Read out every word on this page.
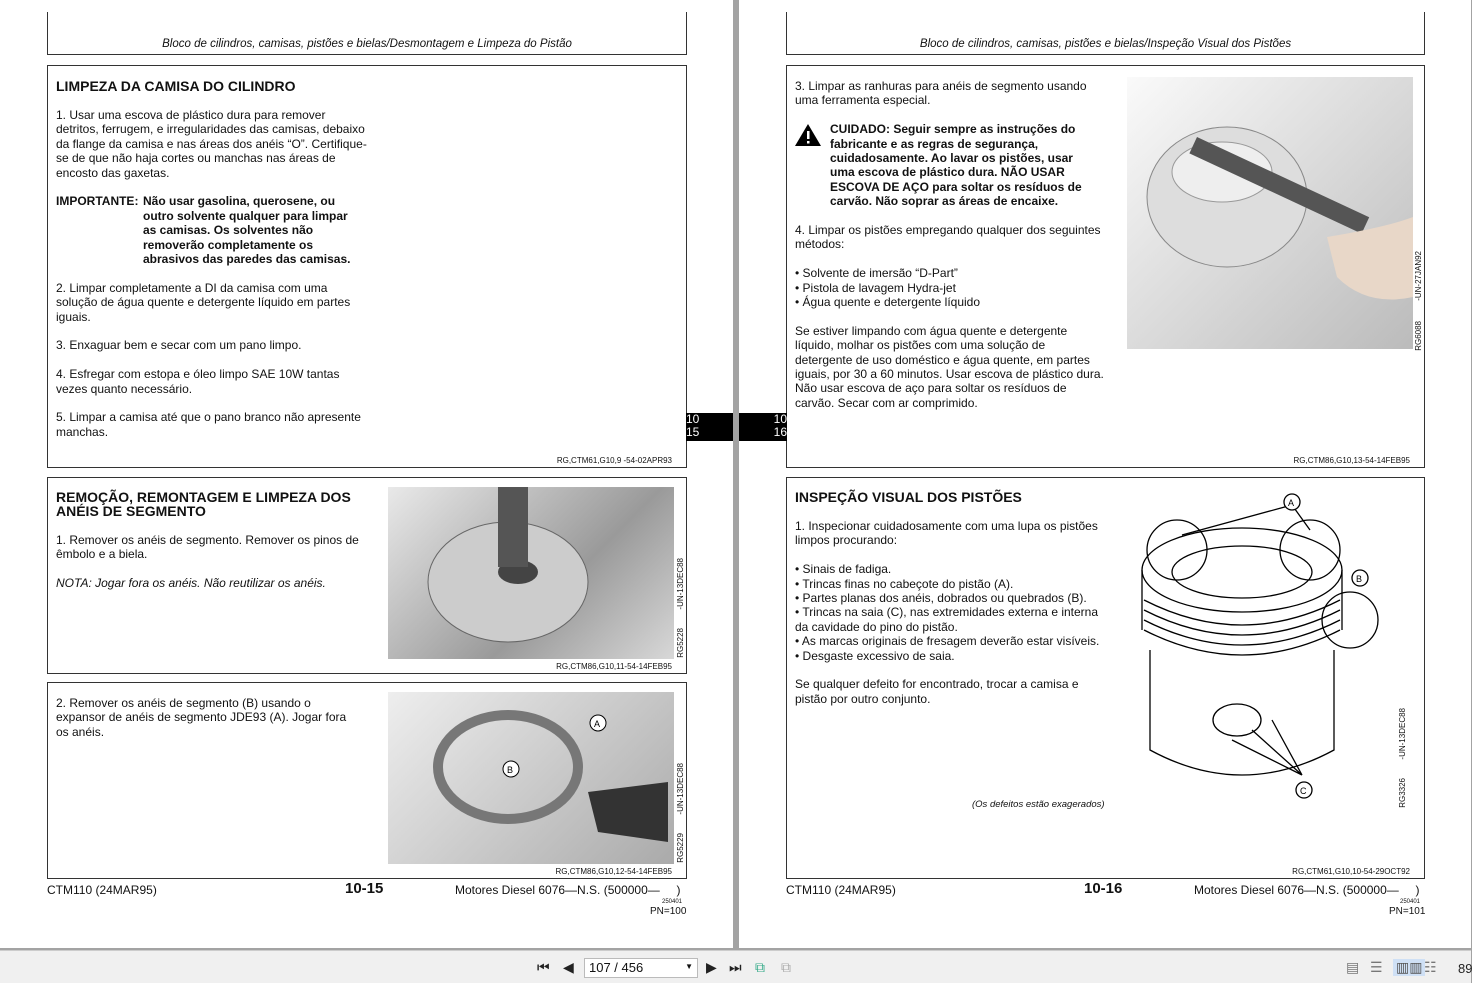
Bloco de cilindros, camisas, pistões e bielas/Desmontagem e Limpeza do Pistão
LIMPEZA DA CAMISA DO CILINDRO

1. Usar uma escova de plástico dura para remover detritos, ferrugem, e irregularidades das camisas, debaixo da flange da camisa e nas áreas dos anéis “O”. Certifique-se de que não haja cortes ou manchas nas áreas de encosto das gaxetas.

IMPORTANTE: Não usar gasolina, querosene, ou outro solvente qualquer para limpar as camisas. Os solventes não removerão completamente os abrasivos das paredes das camisas.

2. Limpar completamente a DI da camisa com uma solução de água quente e detergente líquido em partes iguais.

3. Enxaguar bem e secar com um pano limpo.

4. Esfregar com estopa e óleo limpo SAE 10W tantas vezes quanto necessário.

5. Limpar a camisa até que o pano branco não apresente manchas.

RG,CTM61,G10,9 -54-02APR93
REMOÇÃO, REMONTAGEM E LIMPEZA DOS ANÉIS DE SEGMENTO

1. Remover os anéis de segmento. Remover os pinos de êmbolo e a biela.

NOTA: Jogar fora os anéis. Não reutilizar os anéis.

RG5228
-UN-13DEC88
RG,CTM86,G10,11-54-14FEB95
2. Remover os anéis de segmento (B) usando o expansor de anéis de segmento JDE93 (A). Jogar fora os anéis.
B
A
RG5229
-UN-13DEC88
RG,CTM86,G10,12-54-14FEB95
10
15
CTM110 (24MAR95)	10-15	Motores Diesel 6076—N.S. (500000—     )
250401
PN=100
Bloco de cilindros, camisas, pistões e bielas/Inspeção Visual dos Pistões

3. Limpar as ranhuras para anéis de segmento usando uma ferramenta especial.

CUIDADO: Seguir sempre as instruções do fabricante e as regras de segurança, cuidadosamente. Ao lavar os pistões, usar uma escova de plástico dura. NÃO USAR ESCOVA DE AÇO para soltar os resíduos de carvão. Não soprar as áreas de encaixe.

4. Limpar os pistões empregando qualquer dos seguintes métodos:

• Solvente de imersão “D-Part”
• Pistola de lavagem Hydra-jet
• Água quente e detergente líquido

Se estiver limpando com água quente e detergente líquido, molhar os pistões com uma solução de detergente de uso doméstico e água quente, em partes iguais, por 30 a 60 minutos. Usar escova de plástico dura. Não usar escova de aço para soltar os resíduos de carvão. Secar com ar comprimido.

RG6088
-UN-27JAN92
RG,CTM86,G10,13-54-14FEB95
INSPEÇÃO VISUAL DOS PISTÕES

1. Inspecionar cuidadosamente com uma lupa os pistões limpos procurando:

• Sinais de fadiga.
• Trincas finas no cabeçote do pistão (A).
• Partes planas dos anéis, dobrados ou quebrados (B).
• Trincas na saia (C), nas extremidades externa e interna da cavidade do pino do pistão.
• As marcas originais de fresagem deverão estar visíveis.
• Desgaste excessivo de saia.

Se qualquer defeito for encontrado, trocar a camisa e pistão por outro conjunto.

(Os defeitos estão exagerados)
A
B
C	RG3326
-UN-13DEC88
RG,CTM61,G10,10-54-29OCT92
10
16
CTM110 (24MAR95)	10-16	Motores Diesel 6076—N.S. (500000—     )
250401
PN=101
⏮ ◀	▶ ⏭ ⧉ ⧉	▤ ☰ ▥▥ ☷ 89
107 / 456	▼
